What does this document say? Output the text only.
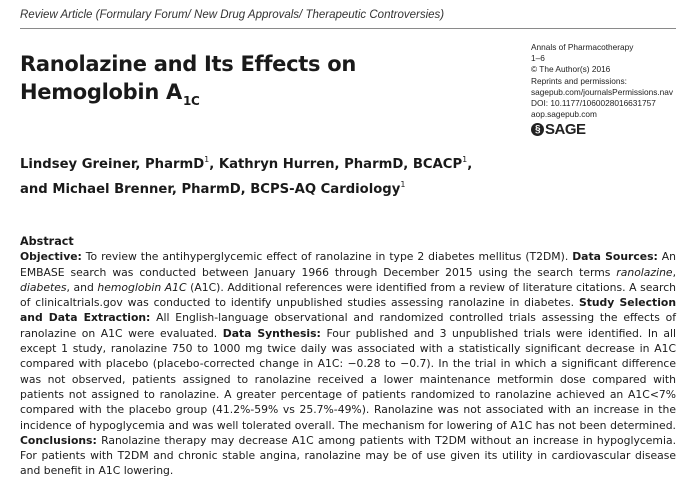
Review Article (Formulary Forum/ New Drug Approvals/ Therapeutic Controversies)
Ranolazine and Its Effects on Hemoglobin $A_{1C}$
Annals of Pharmacotherapy
1–6
© The Author(s) 2016
Reprints and permissions:
sagepub.com/journalsPermissions.nav
DOI: 10.1177/1060028016631757
aop.sagepub.com
§ SAGE
Lindsey Greiner, PharmD$^1$, Kathryn Hurren, PharmD, BCACP$^1$,
and Michael Brenner, PharmD, BCPS-AQ Cardiology$^1$
Abstract
Objective: To review the antihyperglycemic effect of ranolazine in type 2 diabetes mellitus (T2DM). Data Sources: An EMBASE search was conducted between January 1966 through December 2015 using the search terms ranolazine, diabetes, and hemoglobin A1C (A1C). Additional references were identified from a review of literature citations. A search of clinicaltrials.gov was conducted to identify unpublished studies assessing ranolazine in diabetes. Study Selection and Data Extraction: All English-language observational and randomized controlled trials assessing the effects of ranolazine on A1C were evaluated. Data Synthesis: Four published and 3 unpublished trials were identified. In all except 1 study, ranolazine 750 to 1000 mg twice daily was associated with a statistically significant decrease in A1C compared with placebo (placebo-corrected change in A1C: −0.28 to −0.7). In the trial in which a significant difference was not observed, patients assigned to ranolazine received a lower maintenance metformin dose compared with patients not assigned to ranolazine. A greater percentage of patients randomized to ranolazine achieved an A1C<7% compared with the placebo group (41.2%-59% vs 25.7%-49%). Ranolazine was not associated with an increase in the incidence of hypoglycemia and was well tolerated overall. The mechanism for lowering of A1C has not been determined. Conclusions: Ranolazine therapy may decrease A1C among patients with T2DM without an increase in hypoglycemia. For patients with T2DM and chronic stable angina, ranolazine may be of use given its utility in cardiovascular disease and benefit in A1C lowering.
